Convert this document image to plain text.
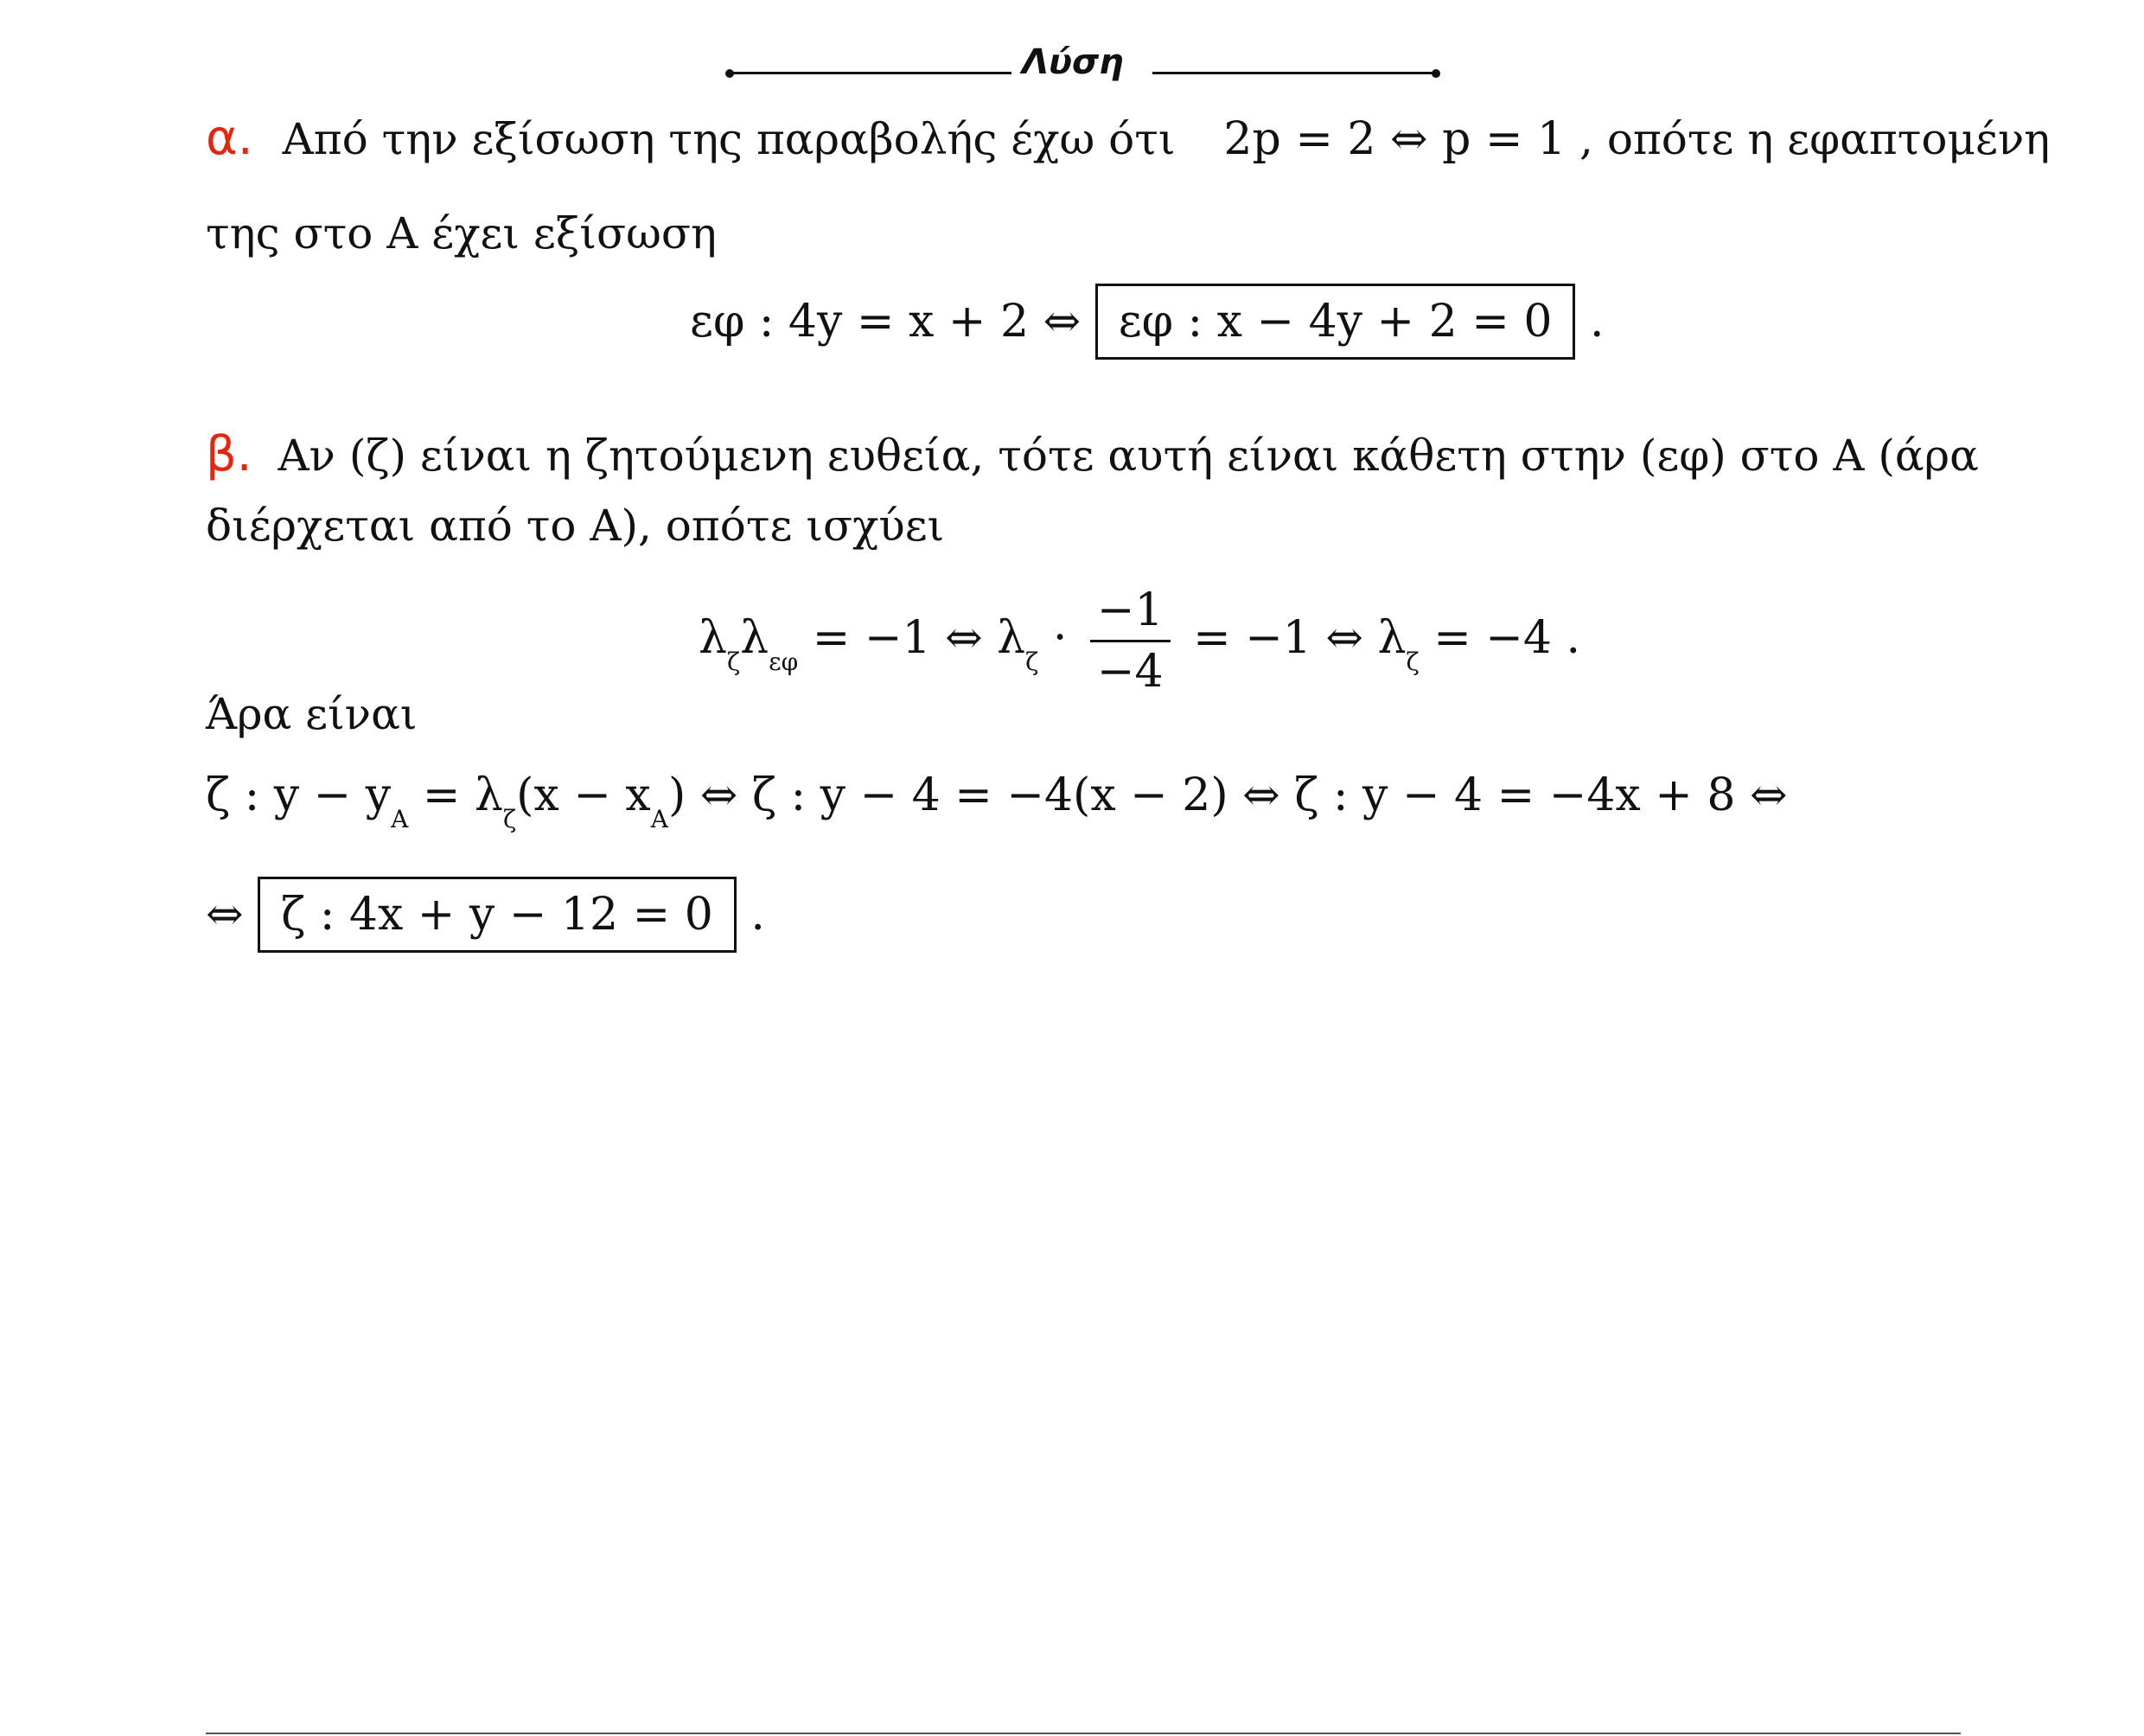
Λύση
α. Από την εξίσωση της παραβολής έχω ότι 2p = 2 ⇔ p = 1 , οπότε η εφαπτομένη
της στο A έχει εξίσωση
εφ : 4y = x + 2 ⇔ εφ : x − 4y + 2 = 0 .
β. Αν (ζ) είναι η ζητούμενη ευθεία, τότε αυτή είναι κάθετη στην (εφ) στο A (άρα
διέρχεται από το A), οπότε ισχύει
$\lambda_\zeta\lambda_{\varepsilon\varphi} = -1$ ⇔ $\lambda_\zeta \cdot \frac{-1}{-4} = -1$ ⇔ $\lambda_\zeta = -4$ .
Άρα είναι
ζ : $y - y_A = \lambda_\zeta(x - x_A)$ ⇔ ζ : y − 4 = −4(x − 2) ⇔ ζ : y − 4 = −4x + 8 ⇔
⇔ ζ : 4x + y − 12 = 0 .
